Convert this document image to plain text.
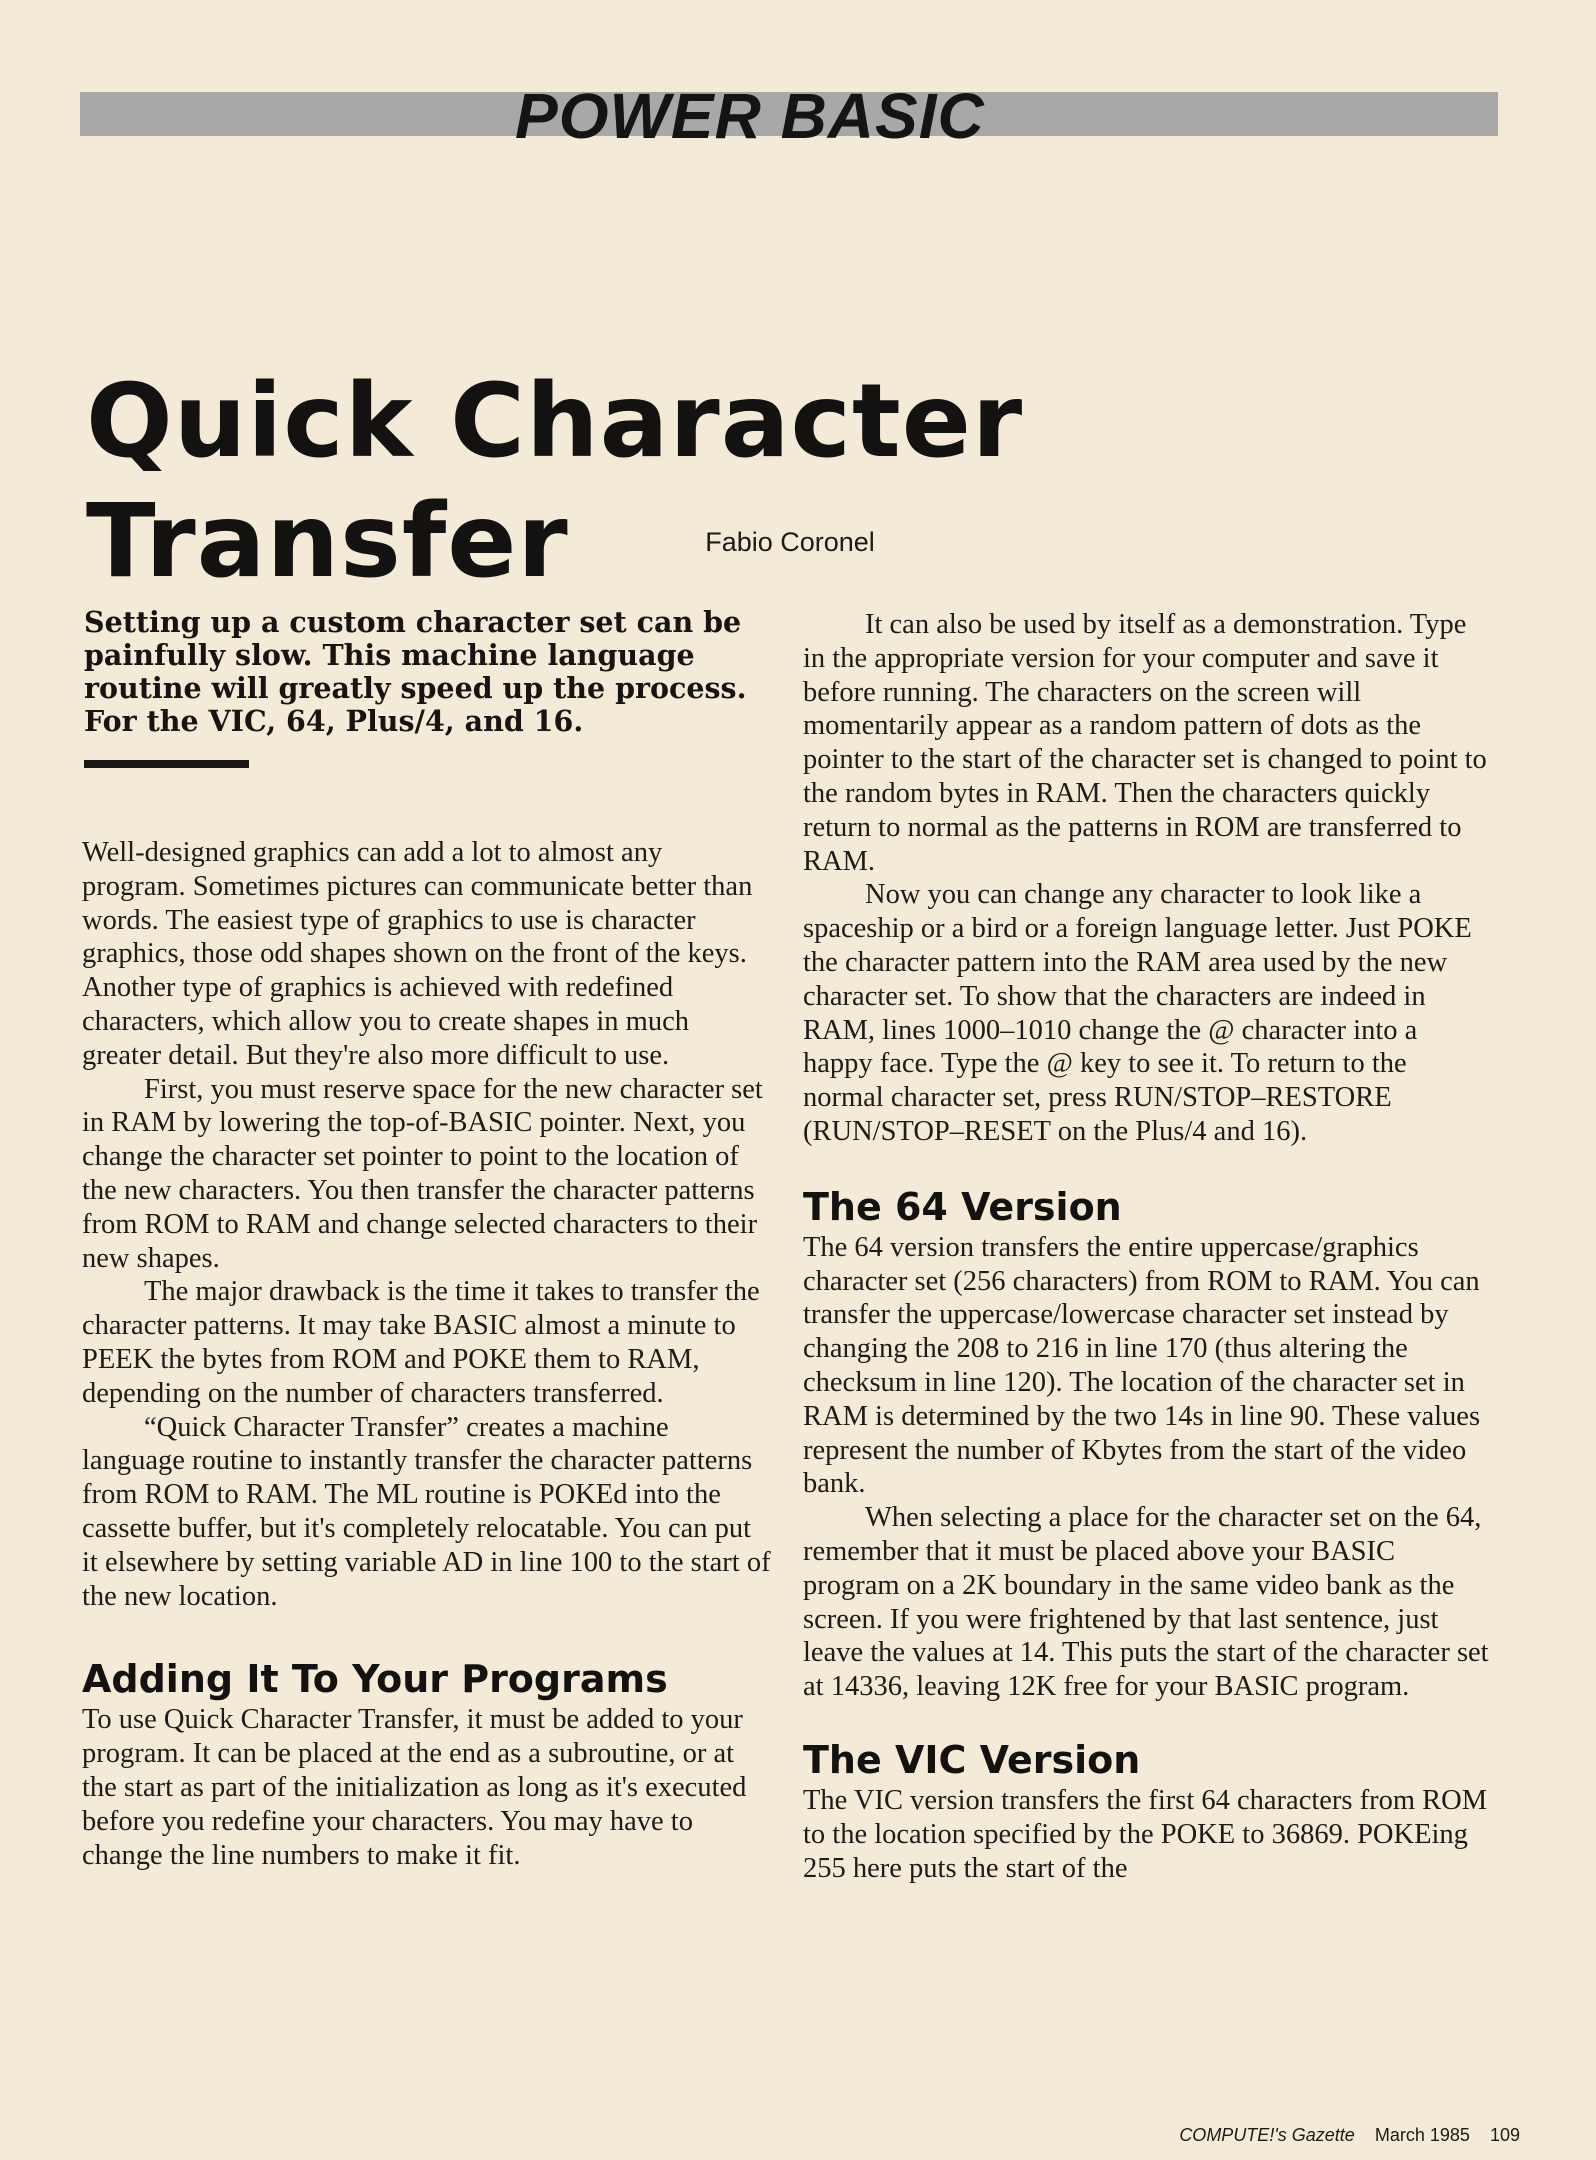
POWER BASIC
Quick Character Transfer	Fabio Coronel
Setting up a custom character set can be painfully slow. This machine language routine will greatly speed up the process. For the VIC, 64, Plus/4, and 16.

Well-designed graphics can add a lot to almost any program. Sometimes pictures can communicate better than words. The easiest type of graphics to use is character graphics, those odd shapes shown on the front of the keys. Another type of graphics is achieved with redefined characters, which allow you to create shapes in much greater detail. But they're also more difficult to use.

First, you must reserve space for the new character set in RAM by lowering the top-of-BASIC pointer. Next, you change the character set pointer to point to the location of the new characters. You then transfer the character patterns from ROM to RAM and change selected characters to their new shapes.

The major drawback is the time it takes to transfer the character patterns. It may take BASIC almost a minute to PEEK the bytes from ROM and POKE them to RAM, depending on the number of characters transferred.

“Quick Character Transfer” creates a machine language routine to instantly transfer the character patterns from ROM to RAM. The ML routine is POKEd into the cassette buffer, but it's completely relocatable. You can put it elsewhere by setting variable AD in line 100 to the start of the new location.

Adding It To Your Programs

To use Quick Character Transfer, it must be added to your program. It can be placed at the end as a subroutine, or at the start as part of the initialization as long as it's executed before you redefine your characters. You may have to change the line numbers to make it fit.

It can also be used by itself as a demonstration. Type in the appropriate version for your computer and save it before running. The characters on the screen will momentarily appear as a random pattern of dots as the pointer to the start of the character set is changed to point to the random bytes in RAM. Then the characters quickly return to normal as the patterns in ROM are transferred to RAM.

Now you can change any character to look like a spaceship or a bird or a foreign language letter. Just POKE the character pattern into the RAM area used by the new character set. To show that the characters are indeed in RAM, lines 1000–1010 change the @ character into a happy face. Type the @ key to see it. To return to the normal character set, press RUN/STOP–RESTORE (RUN/STOP–RESET on the Plus/4 and 16).

The 64 Version

The 64 version transfers the entire uppercase/graphics character set (256 characters) from ROM to RAM. You can transfer the uppercase/lowercase character set instead by changing the 208 to 216 in line 170 (thus altering the checksum in line 120). The location of the character set in RAM is determined by the two 14s in line 90. These values represent the number of Kbytes from the start of the video bank.

When selecting a place for the character set on the 64, remember that it must be placed above your BASIC program on a 2K boundary in the same video bank as the screen. If you were frightened by that last sentence, just leave the values at 14. This puts the start of the character set at 14336, leaving 12K free for your BASIC program.

The VIC Version

The VIC version transfers the first 64 characters from ROM to the location specified by the POKE to 36869. POKEing 255 here puts the start of the

COMPUTE!'s Gazette March 1985 109
